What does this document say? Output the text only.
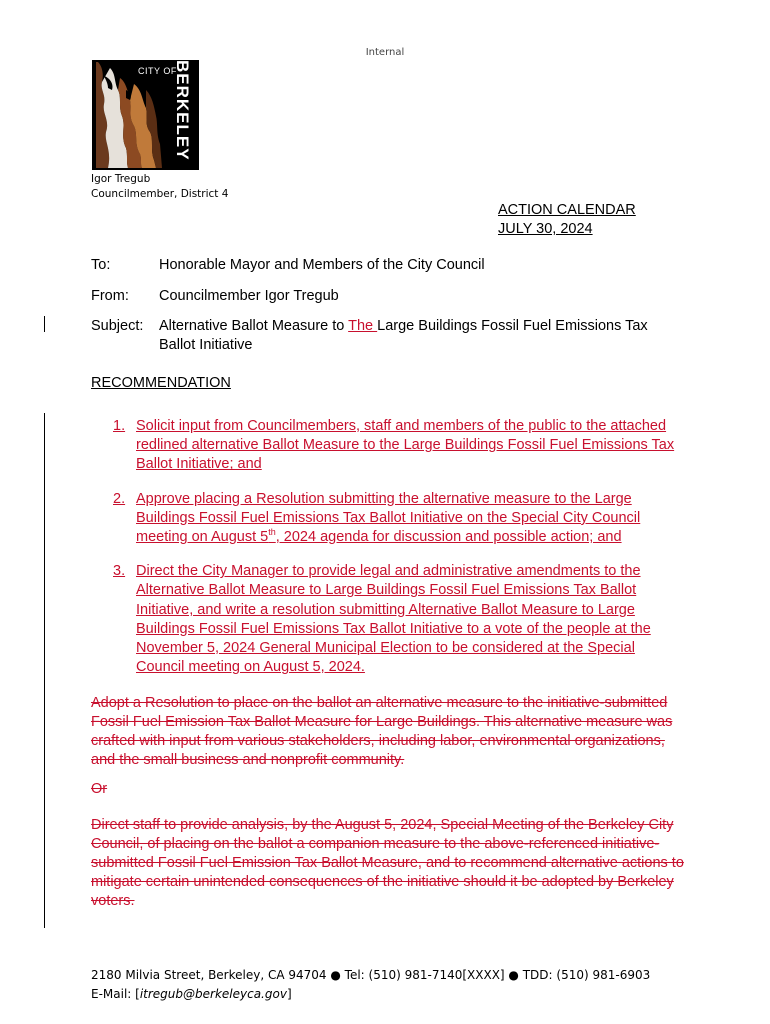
Internal
CITY OF
BERKELEY
Igor Tregub
Councilmember, District 4
ACTION CALENDAR
JULY 30, 2024
To:	Honorable Mayor and Members of the City Council
From:	Councilmember Igor Tregub
Subject:	Alternative Ballot Measure to The Large Buildings Fossil Fuel Emissions Tax
Ballot Initiative
RECOMMENDATION
1. Solicit input from Councilmembers, staff and members of the public to the attached redlined alternative Ballot Measure to the Large Buildings Fossil Fuel Emissions Tax Ballot Initiative; and
2. Approve placing a Resolution submitting the alternative measure to the Large Buildings Fossil Fuel Emissions Tax Ballot Initiative on the Special City Council meeting on August 5th, 2024 agenda for discussion and possible action; and
3. Direct the City Manager to provide legal and administrative amendments to the Alternative Ballot Measure to Large Buildings Fossil Fuel Emissions Tax Ballot Initiative, and write a resolution submitting Alternative Ballot Measure to Large Buildings Fossil Fuel Emissions Tax Ballot Initiative to a vote of the people at the November 5, 2024 General Municipal Election to be considered at the Special Council meeting on August 5, 2024.
Adopt a Resolution to place on the ballot an alternative measure to the initiative-submitted Fossil Fuel Emission Tax Ballot Measure for Large Buildings. This alternative measure was crafted with input from various stakeholders, including labor, environmental organizations, and the small business and nonprofit community.
Or
Direct staff to provide analysis, by the August 5, 2024, Special Meeting of the Berkeley City Council, of placing on the ballot a companion measure to the above-referenced initiative-submitted Fossil Fuel Emission Tax Ballot Measure, and to recommend alternative actions to mitigate certain unintended consequences of the initiative should it be adopted by Berkeley voters.
2180 Milvia Street, Berkeley, CA 94704 ● Tel: (510) 981-7140[XXXX] ● TDD: (510) 981-6903
E-Mail: [itregub@berkeleyca.gov]
